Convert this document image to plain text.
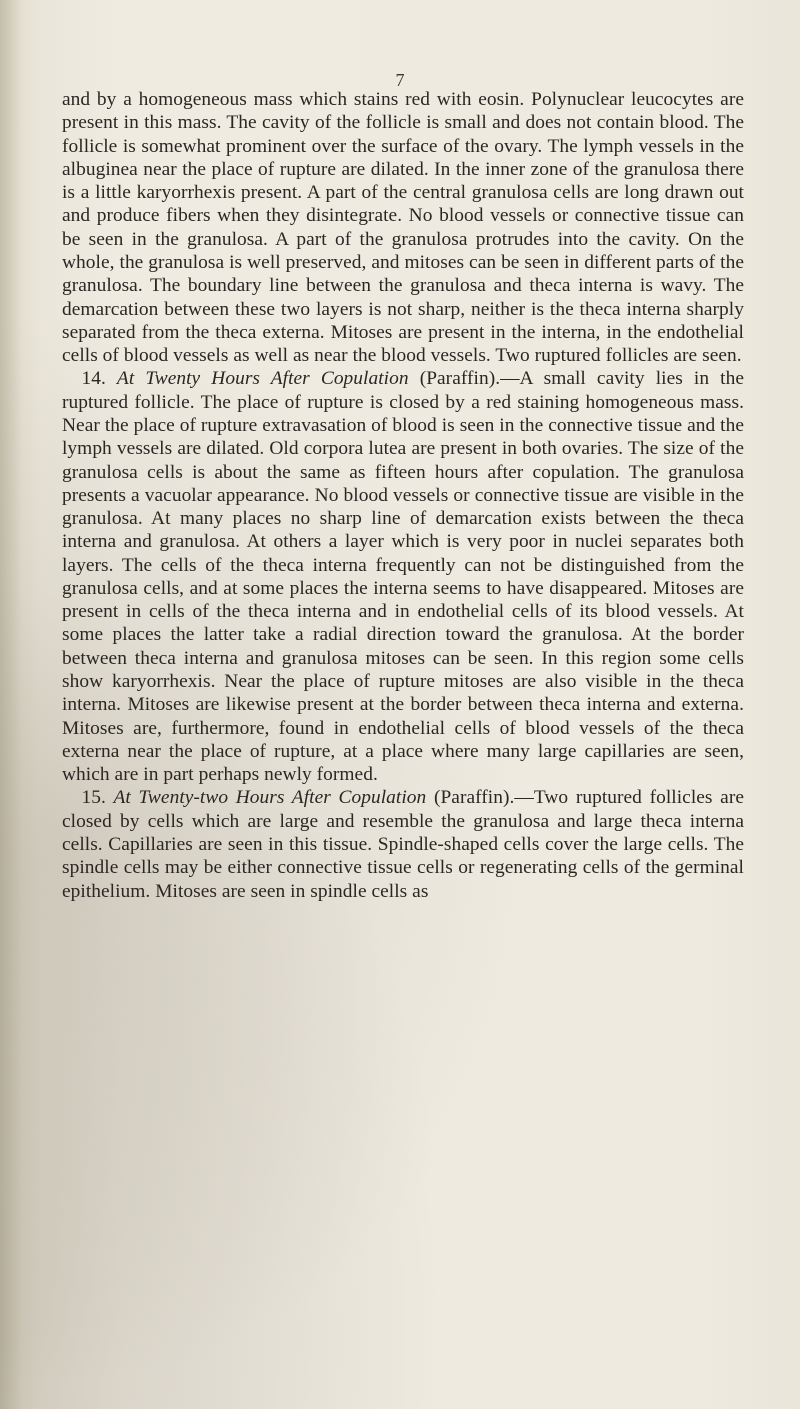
7

and by a homogeneous mass which stains red with eosin. Polynuclear leucocytes are present in this mass. The cavity of the follicle is small and does not contain blood. The follicle is somewhat prominent over the surface of the ovary. The lymph vessels in the albuginea near the place of rupture are dilated. In the inner zone of the granulosa there is a little karyorrhexis present. A part of the central granulosa cells are long drawn out and produce fibers when they disintegrate. No blood vessels or connective tissue can be seen in the granulosa. A part of the granulosa protrudes into the cavity. On the whole, the granulosa is well preserved, and mitoses can be seen in different parts of the granulosa. The boundary line between the granulosa and theca interna is wavy. The demarcation between these two layers is not sharp, neither is the theca interna sharply separated from the theca externa. Mitoses are present in the interna, in the endothelial cells of blood vessels as well as near the blood vessels. Two ruptured follicles are seen.

 14. At Twenty Hours After Copulation (Paraffin).—A small cavity lies in the ruptured follicle. The place of rupture is closed by a red staining homogeneous mass. Near the place of rupture extravasation of blood is seen in the connective tissue and the lymph vessels are dilated. Old corpora lutea are present in both ovaries. The size of the granulosa cells is about the same as fifteen hours after copulation. The granulosa presents a vacuolar appearance. No blood vessels or connective tissue are visible in the granulosa. At many places no sharp line of demarcation exists between the theca interna and granulosa. At others a layer which is very poor in nuclei separates both layers. The cells of the theca interna frequently can not be distinguished from the granulosa cells, and at some places the interna seems to have disappeared. Mitoses are present in cells of the theca interna and in endothelial cells of its blood vessels. At some places the latter take a radial direction toward the granulosa. At the border between theca interna and granulosa mitoses can be seen. In this region some cells show karyorrhexis. Near the place of rupture mitoses are also visible in the theca interna. Mitoses are likewise present at the border between theca interna and externa. Mitoses are, furthermore, found in endothelial cells of blood vessels of the theca externa near the place of rupture, at a place where many large capillaries are seen, which are in part perhaps newly formed.

 15. At Twenty-two Hours After Copulation (Paraffin).—Two ruptured follicles are closed by cells which are large and resemble the granulosa and large theca interna cells. Capillaries are seen in this tissue. Spindle-shaped cells cover the large cells. The spindle cells may be either connective tissue cells or regenerating cells of the germinal epithelium. Mitoses are seen in spindle cells as
